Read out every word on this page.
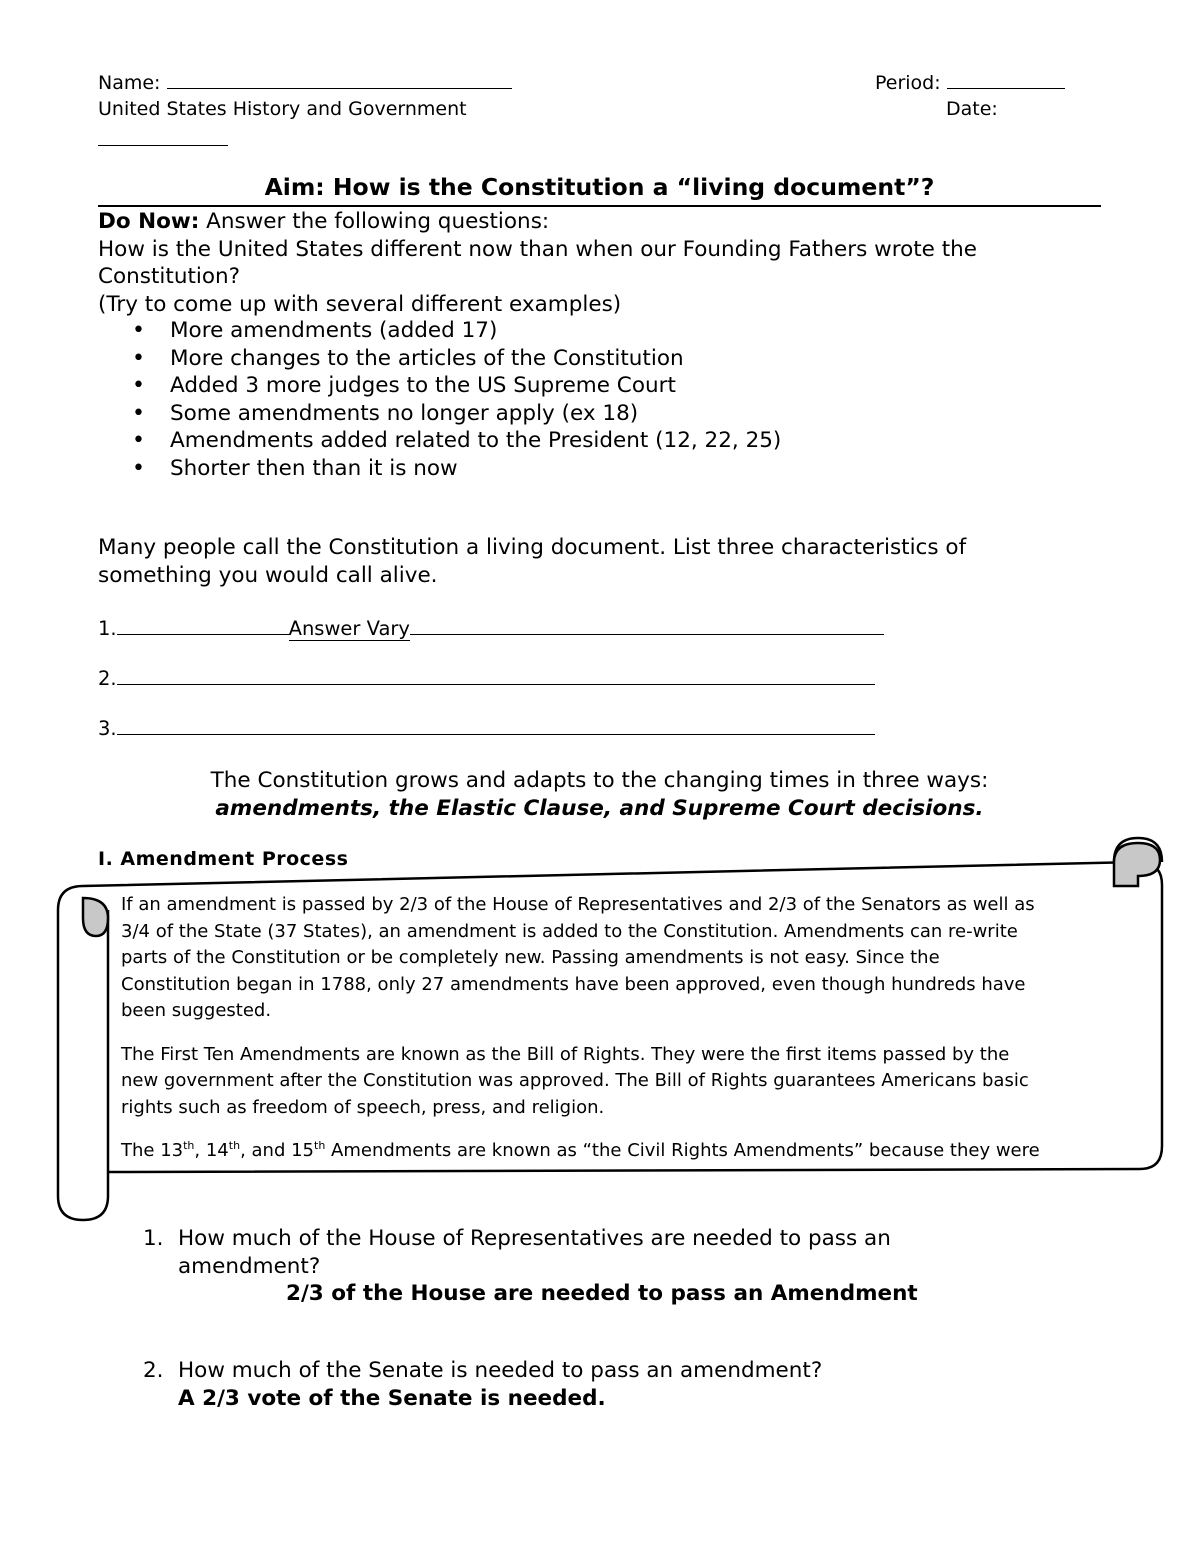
Name:	Period:
United States History and Government	Date:
Aim: How is the Constitution a “living document”?
Do Now: Answer the following questions:
How is the United States different now than when our Founding Fathers wrote the
Constitution?
(Try to come up with several different examples)
• More amendments (added 17)
• More changes to the articles of the Constitution
• Added 3 more judges to the US Supreme Court
• Some amendments no longer apply (ex 18)
• Amendments added related to the President (12, 22, 25)
• Shorter then than it is now
Many people call the Constitution a living document. List three characteristics of
something you would call alive.
1.	Answer Vary
2.
3.
The Constitution grows and adapts to the changing times in three ways:
amendments, the Elastic Clause, and Supreme Court decisions.
I. Amendment Process

If an amendment is passed by 2/3 of the House of Representatives and 2/3 of the Senators as well as
3/4 of the State (37 States), an amendment is added to the Constitution. Amendments can re-write
parts of the Constitution or be completely new. Passing amendments is not easy. Since the
Constitution began in 1788, only 27 amendments have been approved, even though hundreds have
been suggested.

The First Ten Amendments are known as the Bill of Rights. They were the first items passed by the
new government after the Constitution was approved. The Bill of Rights guarantees Americans basic
rights such as freedom of speech, press, and religion.

The 13th, 14th, and 15th Amendments are known as “the Civil Rights Amendments” because they were

1. How much of the House of Representatives are needed to pass an
amendment?
2/3 of the House are needed to pass an Amendment
2. How much of the Senate is needed to pass an amendment?
A 2/3 vote of the Senate is needed.
